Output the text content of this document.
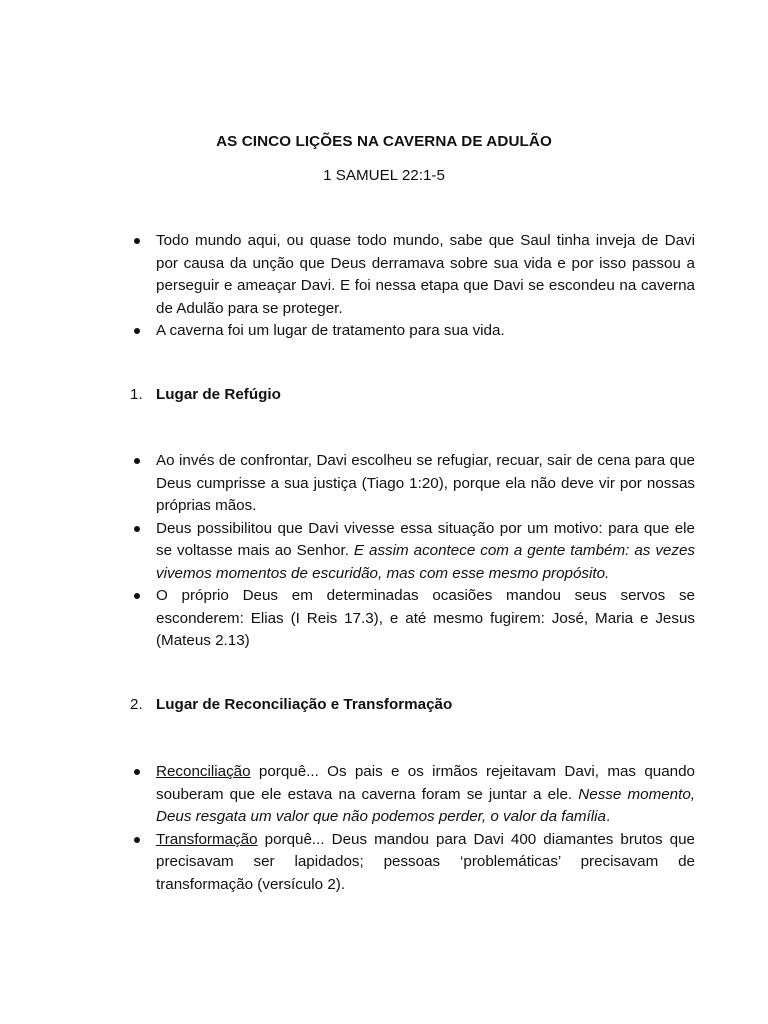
AS CINCO LIÇÕES NA CAVERNA DE ADULÃO
1 SAMUEL 22:1-5
Todo mundo aqui, ou quase todo mundo, sabe que Saul tinha inveja de Davi por causa da unção que Deus derramava sobre sua vida e por isso passou a perseguir e ameaçar Davi. E foi nessa etapa que Davi se escondeu na caverna de Adulão para se proteger.
A caverna foi um lugar de tratamento para sua vida.
1. Lugar de Refúgio
Ao invés de confrontar, Davi escolheu se refugiar, recuar, sair de cena para que Deus cumprisse a sua justiça (Tiago 1:20), porque ela não deve vir por nossas próprias mãos.
Deus possibilitou que Davi vivesse essa situação por um motivo: para que ele se voltasse mais ao Senhor. E assim acontece com a gente também: as vezes vivemos momentos de escuridão, mas com esse mesmo propósito.
O próprio Deus em determinadas ocasiões mandou seus servos se esconderem: Elias (I Reis 17.3), e até mesmo fugirem: José, Maria e Jesus (Mateus 2.13)
2. Lugar de Reconciliação e Transformação
Reconciliação porquê... Os pais e os irmãos rejeitavam Davi, mas quando souberam que ele estava na caverna foram se juntar a ele. Nesse momento, Deus resgata um valor que não podemos perder, o valor da família.
Transformação porquê... Deus mandou para Davi 400 diamantes brutos que precisavam ser lapidados; pessoas ‘problemáticas’ precisavam de transformação (versículo 2).
